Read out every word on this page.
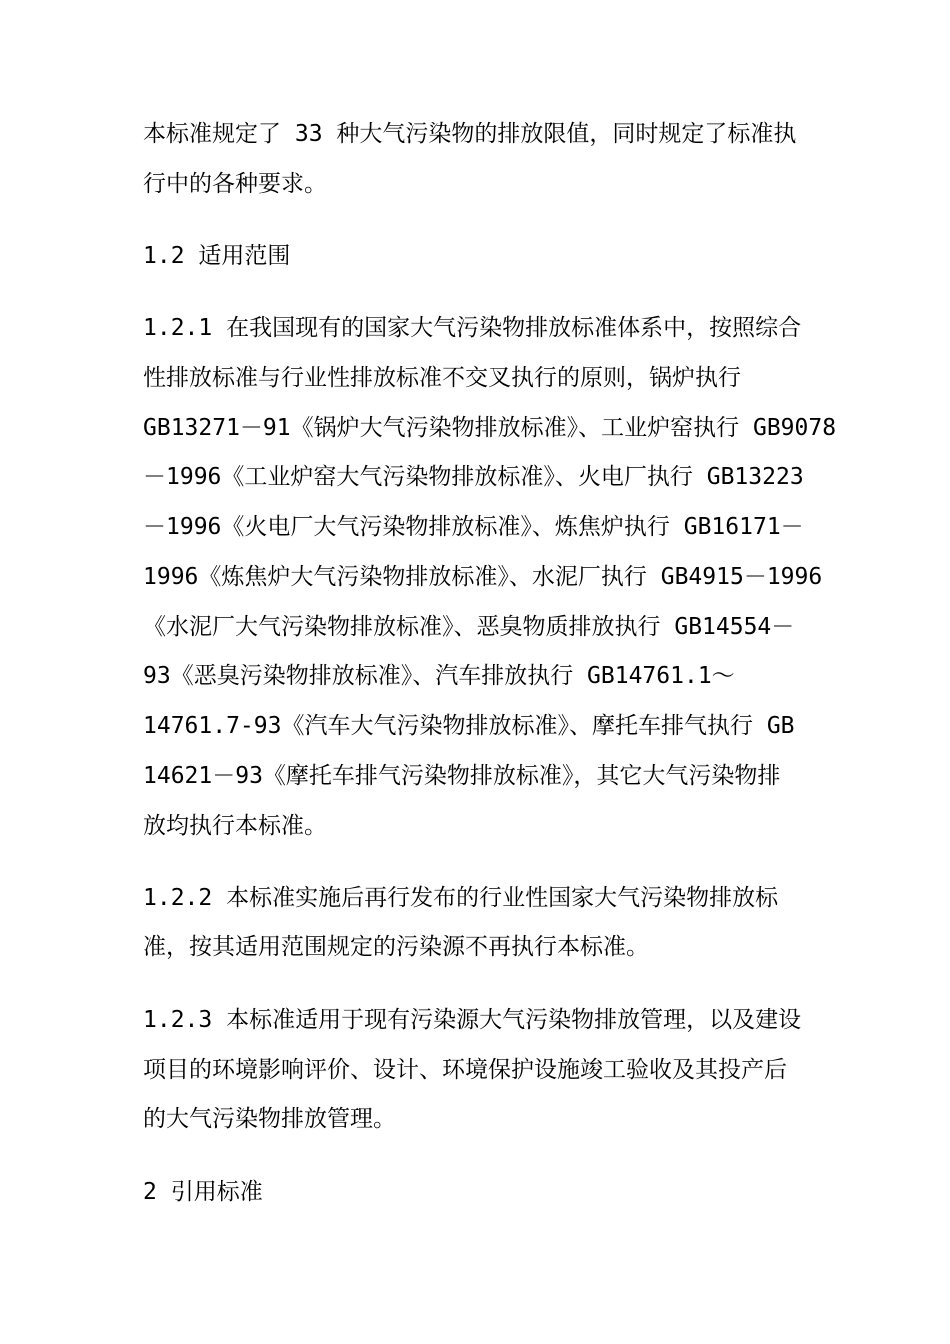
本标准规定了 33 种大气污染物的排放限值，同时规定了标准执
行中的各种要求。
1.2 适用范围
1.2.1 在我国现有的国家大气污染物排放标准体系中，按照综合
性排放标准与行业性排放标准不交叉执行的原则，锅炉执行
GB13271－91《锅炉大气污染物排放标准》、工业炉窑执行 GB9078
－1996《工业炉窑大气污染物排放标准》、火电厂执行 GB13223
－1996《火电厂大气污染物排放标准》、炼焦炉执行 GB16171－
1996《炼焦炉大气污染物排放标准》、水泥厂执行 GB4915－1996
《水泥厂大气污染物排放标准》、恶臭物质排放执行 GB14554－
93《恶臭污染物排放标准》、汽车排放执行 GB14761.1～
14761.7-93《汽车大气污染物排放标准》、摩托车排气执行 GB
14621－93《摩托车排气污染物排放标准》，其它大气污染物排
放均执行本标准。
1.2.2 本标准实施后再行发布的行业性国家大气污染物排放标
准，按其适用范围规定的污染源不再执行本标准。
1.2.3 本标准适用于现有污染源大气污染物排放管理，以及建设
项目的环境影响评价、设计、环境保护设施竣工验收及其投产后
的大气污染物排放管理。
2 引用标准
